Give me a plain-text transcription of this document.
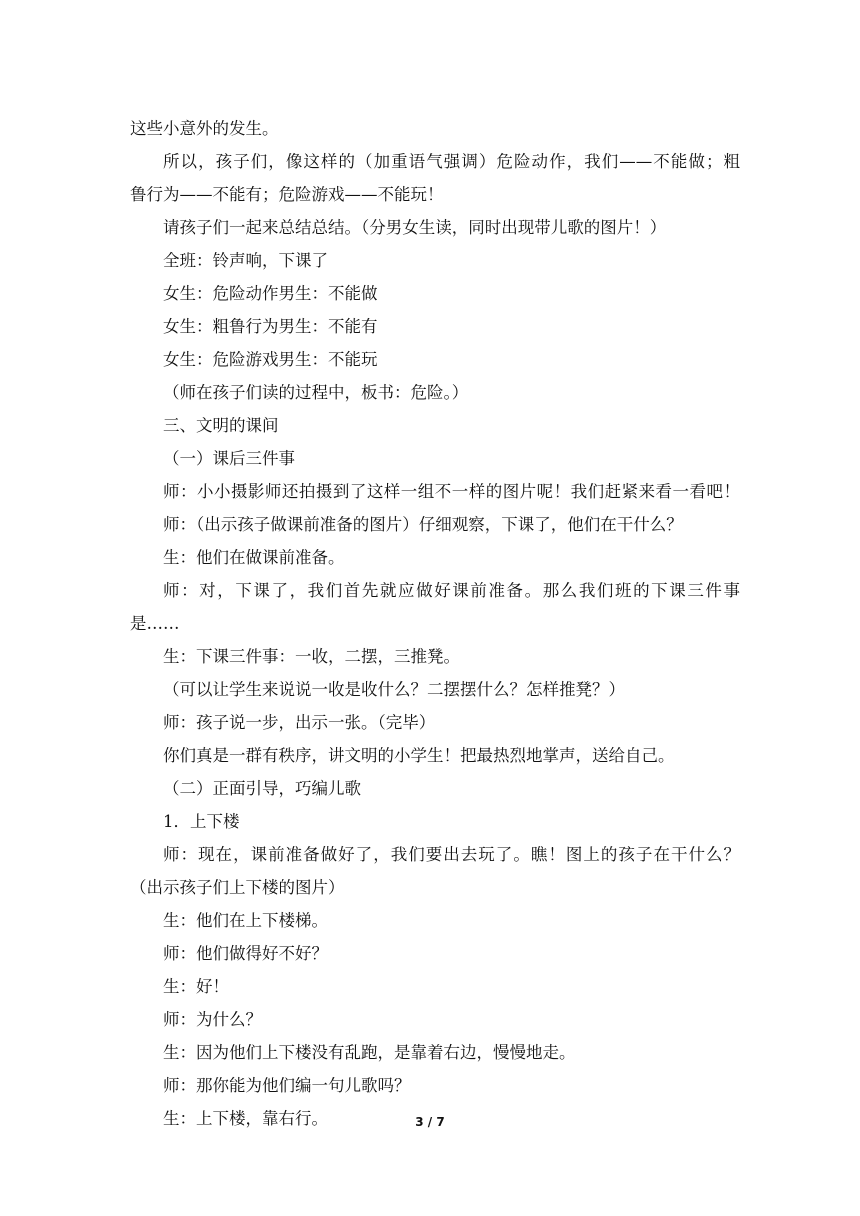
这些小意外的发生。
所以，孩子们，像这样的（加重语气强调）危险动作，我们——不能做；粗
鲁行为——不能有；危险游戏——不能玩！
请孩子们一起来总结总结。（分男女生读，同时出现带儿歌的图片！）
全班：铃声响，下课了
女生：危险动作男生：不能做
女生：粗鲁行为男生：不能有
女生：危险游戏男生：不能玩
（师在孩子们读的过程中，板书：危险。）
三、文明的课间
（一）课后三件事
师：小小摄影师还拍摄到了这样一组不一样的图片呢！我们赶紧来看一看吧！
师：（出示孩子做课前准备的图片）仔细观察，下课了，他们在干什么？
生：他们在做课前准备。
师：对，下课了，我们首先就应做好课前准备。那么我们班的下课三件事
是……
生：下课三件事：一收，二摆，三推凳。
（可以让学生来说说一收是收什么？二摆摆什么？怎样推凳？）
师：孩子说一步，出示一张。（完毕）
你们真是一群有秩序，讲文明的小学生！把最热烈地掌声，送给自己。
（二）正面引导，巧编儿歌
1．上下楼
师：现在，课前准备做好了，我们要出去玩了。瞧！图上的孩子在干什么？
（出示孩子们上下楼的图片）
生：他们在上下楼梯。
师：他们做得好不好？
生：好！
师：为什么？
生：因为他们上下楼没有乱跑，是靠着右边，慢慢地走。
师：那你能为他们编一句儿歌吗？
生：上下楼，靠右行。	3 / 7
